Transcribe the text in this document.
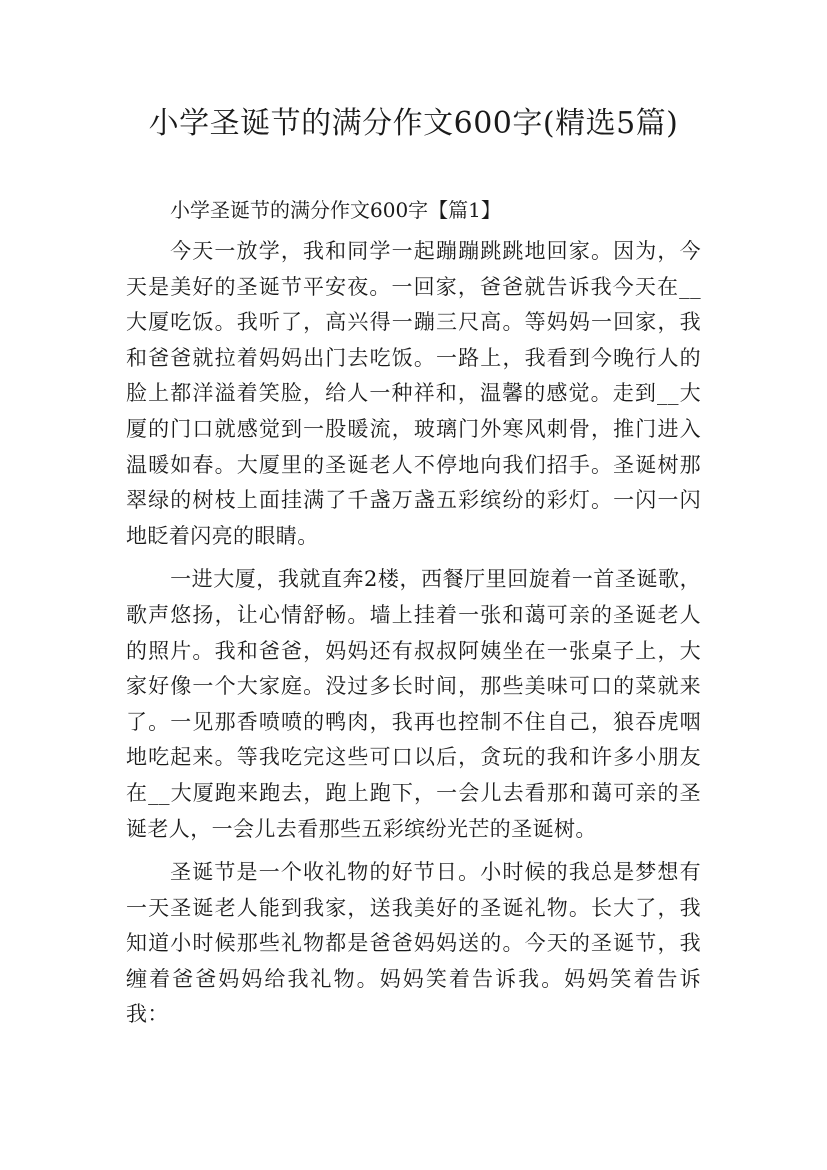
小学圣诞节的满分作文600字(精选5篇)

小学圣诞节的满分作文600字【篇1】

今天一放学，我和同学一起蹦蹦跳跳地回家。因为，今天是美好的圣诞节平安夜。一回家，爸爸就告诉我今天在__大厦吃饭。我听了，高兴得一蹦三尺高。等妈妈一回家，我和爸爸就拉着妈妈出门去吃饭。一路上，我看到今晚行人的脸上都洋溢着笑脸，给人一种祥和，温馨的感觉。走到__大厦的门口就感觉到一股暖流，玻璃门外寒风刺骨，推门进入温暖如春。大厦里的圣诞老人不停地向我们招手。圣诞树那翠绿的树枝上面挂满了千盏万盏五彩缤纷的彩灯。一闪一闪地眨着闪亮的眼睛。

一进大厦，我就直奔2楼，西餐厅里回旋着一首圣诞歌，歌声悠扬，让心情舒畅。墙上挂着一张和蔼可亲的圣诞老人的照片。我和爸爸，妈妈还有叔叔阿姨坐在一张桌子上，大家好像一个大家庭。没过多长时间，那些美味可口的菜就来了。一见那香喷喷的鸭肉，我再也控制不住自己，狼吞虎咽地吃起来。等我吃完这些可口以后，贪玩的我和许多小朋友在__大厦跑来跑去，跑上跑下，一会儿去看那和蔼可亲的圣诞老人，一会儿去看那些五彩缤纷光芒的圣诞树。

圣诞节是一个收礼物的好节日。小时候的我总是梦想有一天圣诞老人能到我家，送我美好的圣诞礼物。长大了，我知道小时候那些礼物都是爸爸妈妈送的。今天的圣诞节，我缠着爸爸妈妈给我礼物。妈妈笑着告诉我。妈妈笑着告诉我：
